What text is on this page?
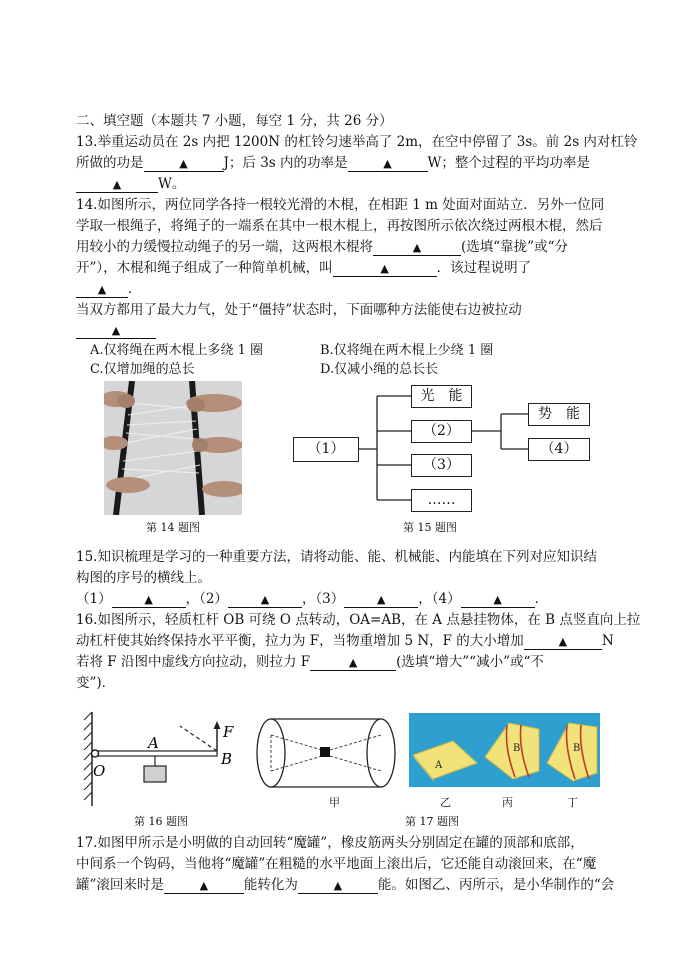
二、填空题（本题共 7 小题，每空 1 分，共 26 分）
13.举重运动员在 2s 内把 1200N 的杠铃匀速举高了 2m，在空中停留了 3s。前 2s 内对杠铃
所做的功是	▲	J；后 3s 内的功率是	▲	W；整个过程的平均功率是
▲	W。
14.如图所示，两位同学各持一根较光滑的木棍，在相距 1 m 处面对面站立．另外一位同
学取一根绳子，将绳子的一端系在其中一根木棍上，再按图所示依次绕过两根木棍，然后
用较小的力缓慢拉动绳子的另一端，这两根木棍将	▲	(选填“靠拢”或“分
开”），木棍和绳子组成了一种简单机械，叫	▲	．该过程说明了
▲ ．
当双方都用了最大力气，处于“僵持”状态时，下面哪种方法能使右边被拉动
▲
A.仅将绳在两木棍上多绕 1 圈	B.仅将绳在两木棍上少绕 1 圈
C.仅增加绳的总长	D.仅减小绳的总长长
第 14 题图
（1）
光　能
（2）
（3）
……
势　能
（4）
第 15 题图
15.知识梳理是学习的一种重要方法，请将动能、能、机械能、内能填在下列对应知识结
构图的序号的横线上。
（1）	▲ ，（2）	▲ ，（3）	▲ ，（4）	▲ ．
16.如图所示，轻质杠杆 OB 可绕 O 点转动，OA=AB，在 A 点悬挂物体，在 B 点竖直向上拉
动杠杆使其始终保持水平平衡，拉力为 F，当物重增加 5 N，F 的大小增加	▲	N
若将 F 沿图中虚线方向拉动，则拉力 F	▲	(选填“增大”“减小”或“不
变”)．
O
A
B
F
第 16 题图
甲
第 17 题图
A
B	B
乙	丙	丁
17.如图甲所示是小明做的自动回转“魔罐”，橡皮筋两头分别固定在罐的顶部和底部，
中间系一个钩码，当他将“魔罐”在粗糙的水平地面上滚出后，它还能自动滚回来，在“魔
罐”滚回来时是	▲	能转化为	▲	能。如图乙、丙所示，是小华制作的“会
